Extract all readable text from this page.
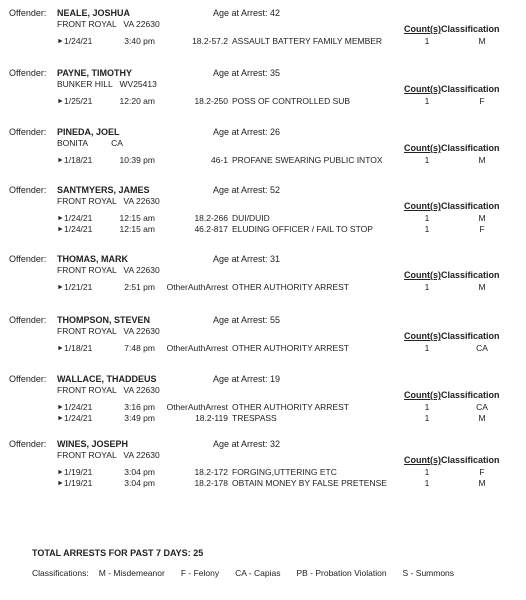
Offender: NEALE, JOSHUA	Age at Arrest: 42
FRONT ROYAL   VA 22630	Count(s)Classification
► 1/24/21	3:40 pm	18.2-57.2 ASSAULT BATTERY FAMILY MEMBER	1	M
Offender: PAYNE, TIMOTHY	Age at Arrest: 35
BUNKER HILL   WV25413	Count(s)Classification
► 1/25/21	12:20 am	18.2-250 POSS OF CONTROLLED SUB	1	F
Offender: PINEDA, JOEL	Age at Arrest: 26
BONITA          CA	Count(s)Classification
► 1/18/21	10:39 pm	46-1 PROFANE SWEARING PUBLIC INTOX	1	M
Offender: SANTMYERS, JAMES	Age at Arrest: 52
FRONT ROYAL   VA 22630	Count(s)Classification
► 1/24/21	12:15 am	18.2-266 DUI/DUID	1	M
► 1/24/21	12:15 am	46.2-817 ELUDING OFFICER / FAIL TO STOP	1	F
Offender: THOMAS, MARK	Age at Arrest: 31
FRONT ROYAL   VA 22630	Count(s)Classification
► 1/21/21	2:51 pm	OtherAuthArrest OTHER AUTHORITY ARREST	1	M
Offender: THOMPSON, STEVEN	Age at Arrest: 55
FRONT ROYAL   VA 22630	Count(s)Classification
► 1/18/21	7:48 pm	OtherAuthArrest OTHER AUTHORITY ARREST	1	CA
Offender: WALLACE, THADDEUS	Age at Arrest: 19
FRONT ROYAL   VA 22630	Count(s)Classification
► 1/24/21	3:16 pm	OtherAuthArrest OTHER AUTHORITY ARREST	1	CA
► 1/24/21	3:49 pm	18.2-119 TRESPASS	1	M
Offender: WINES, JOSEPH	Age at Arrest: 32
FRONT ROYAL   VA 22630	Count(s)Classification
► 1/19/21	3:04 pm	18.2-172 FORGING,UTTERING ETC	1	F
► 1/19/21	3:04 pm	18.2-178 OBTAIN MONEY BY FALSE PRETENSE	1	M
TOTAL ARRESTS FOR PAST 7 DAYS: 25
Classifications: M - Misdemeanor F - Felony CA - Capias PB - Probation Violation S - Summons
